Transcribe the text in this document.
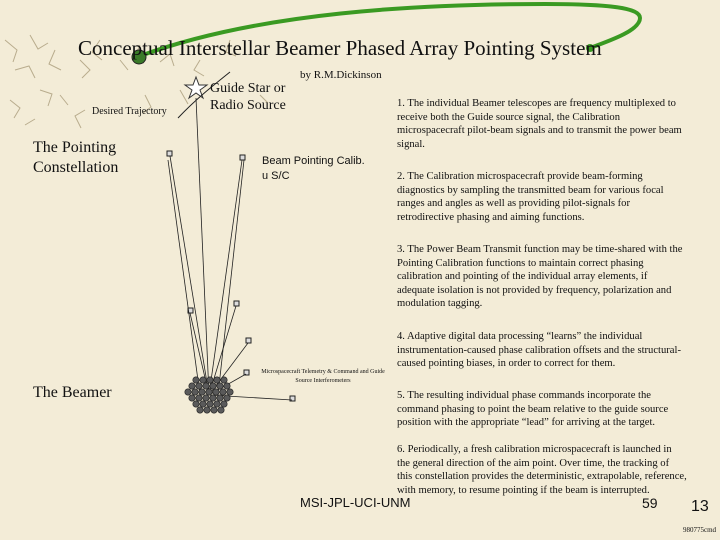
Conceptual Interstellar Beamer Phased Array Pointing System
by R.M.Dickinson
Guide Star or Radio Source
Desired Trajectory
The Pointing Constellation	Beam Pointing Calib. u S/C
Microspacecraft Telemetry & Command and Guide Source Interferometers
The Beamer
1. The individual Beamer telescopes are frequency multiplexed to receive both the Guide source signal, the Calibration microspacecraft pilot-beam signals and to transmit the power beam signal.
2. The Calibration microspacecraft provide beam-forming diagnostics by sampling the transmitted beam for various focal ranges and angles as well as providing pilot-signals for retrodirective phasing and aiming functions.
3. The Power Beam Transmit function may be time-shared with the Pointing Calibration functions to maintain correct phasing calibration and pointing of the individual array elements, if adequate isolation is not provided by frequency, polarization and modulation tagging.
4. Adaptive digital data processing “learns” the individual instrumentation-caused phase calibration offsets and the structural-caused pointing biases, in order to correct for them.
5. The resulting individual phase commands incorporate the command phasing to point the beam relative to the guide source position with the appropriate “lead” for arriving at the target.
6. Periodically, a fresh calibration microspacecraft is launched in the general direction of the aim point. Over time, the tracking of this constellation provides the deterministic, extrapolable, reference, with memory, to resume pointing if the beam is interrupted.
MSI-JPL-UCI-UNM	59 13
980775cmd
